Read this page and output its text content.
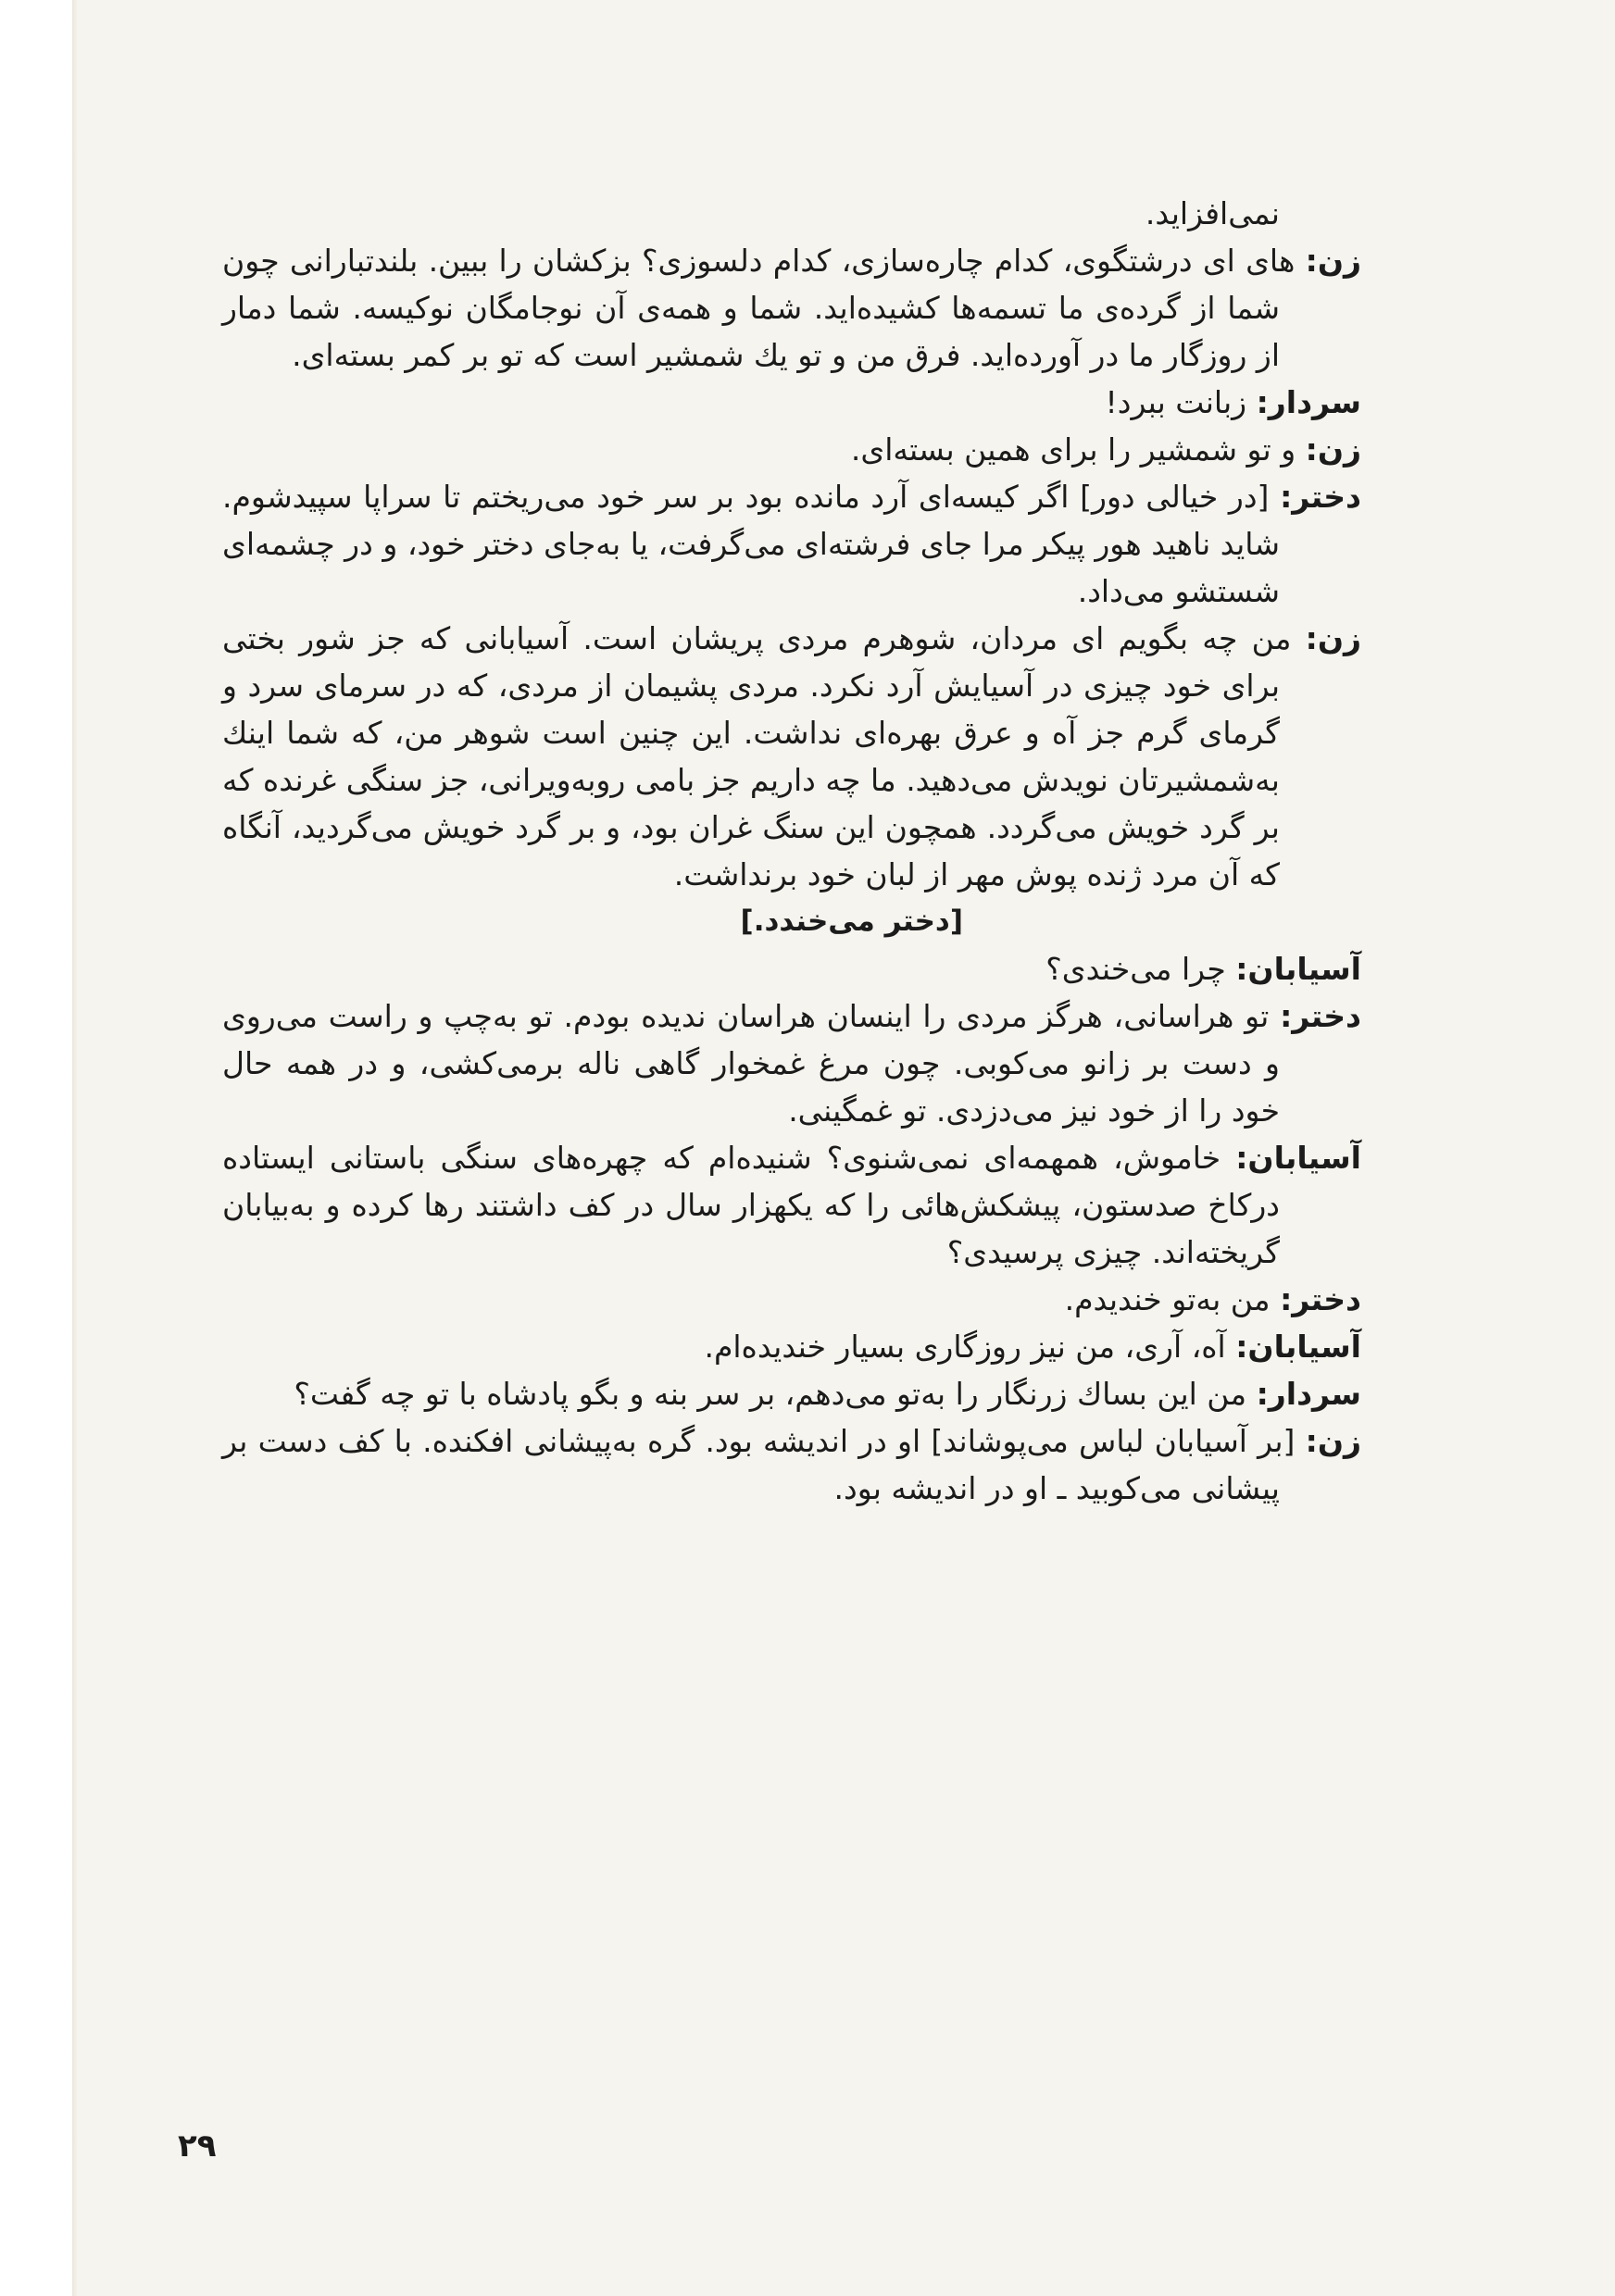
نمی‌افزاید.

زن: های ای درشتگوی، کدام چاره‌سازی، کدام دلسوزی؟ بزکشان را ببین. بلندتبارانی چون شما از گرده‌ی ما تسمه‌ها کشیده‌اید. شما و همه‌ی آن نوجامگان نوکیسه. شما دمار از روزگار ما در آورده‌اید. فرق من و تو یك شمشیر است که تو بر کمر بسته‌ای.

سردار: زبانت ببرد!

زن: و تو شمشیر را برای همین بسته‌ای.

دختر: [در خیالی دور] اگر کیسه‌ای آرد مانده بود بر سر خود می‌ریختم تا سراپا سپیدشوم. شاید ناهید هور پیکر مرا جای فرشته‌ای می‌گرفت، یا به‌جای دختر خود، و در چشمه‌ای شستشو می‌داد.

زن: من چه بگویم ای مردان، شوهرم مردی پریشان است. آسیابانی که جز شور بختی برای خود چیزی در آسیایش آرد نکرد. مردی پشیمان از مردی، که در سرمای سرد و گرمای گرم جز آه و عرق بهره‌ای نداشت. این چنین است شوهر من، که شما اینك به‌شمشیرتان نویدش می‌دهید. ما چه داریم جز بامی روبه‌ویرانی، جز سنگی غرنده که بر گرد خویش می‌گردد. همچون این سنگ غران بود، و بر گرد خویش می‌گردید، آنگاه که آن مرد ژنده پوش مهر از لبان خود برنداشت.

[دختر می‌خندد.]

آسیابان: چرا می‌خندی؟

دختر: تو هراسانی، هرگز مردی را اینسان هراسان ندیده بودم. تو به‌چپ و راست می‌روی و دست بر زانو می‌کوبی. چون مرغ غمخوار گاهی ناله برمی‌کشی، و در همه حال خود را از خود نیز می‌دزدی. تو غمگینی.

آسیابان: خاموش، همهمه‌ای نمی‌شنوی؟ شنیده‌ام که چهره‌های سنگی باستانی ایستاده درکاخ صدستون، پیشکش‌هائی را که یکهزار سال در کف داشتند رها کرده و به‌بیابان گریخته‌اند. چیزی پرسیدی؟

دختر: من به‌تو خندیدم.

آسیابان: آه، آری، من نیز روزگاری بسیار خندیده‌ام.

سردار: من این بساك زرنگار را به‌تو می‌دهم، بر سر بنه و بگو پادشاه با تو چه گفت؟

زن: [بر آسیابان لباس می‌پوشاند] او در اندیشه بود. گره به‌پیشانی افکنده. با کف دست بر پیشانی می‌کوبید ـ او در اندیشه بود.

۲۹
